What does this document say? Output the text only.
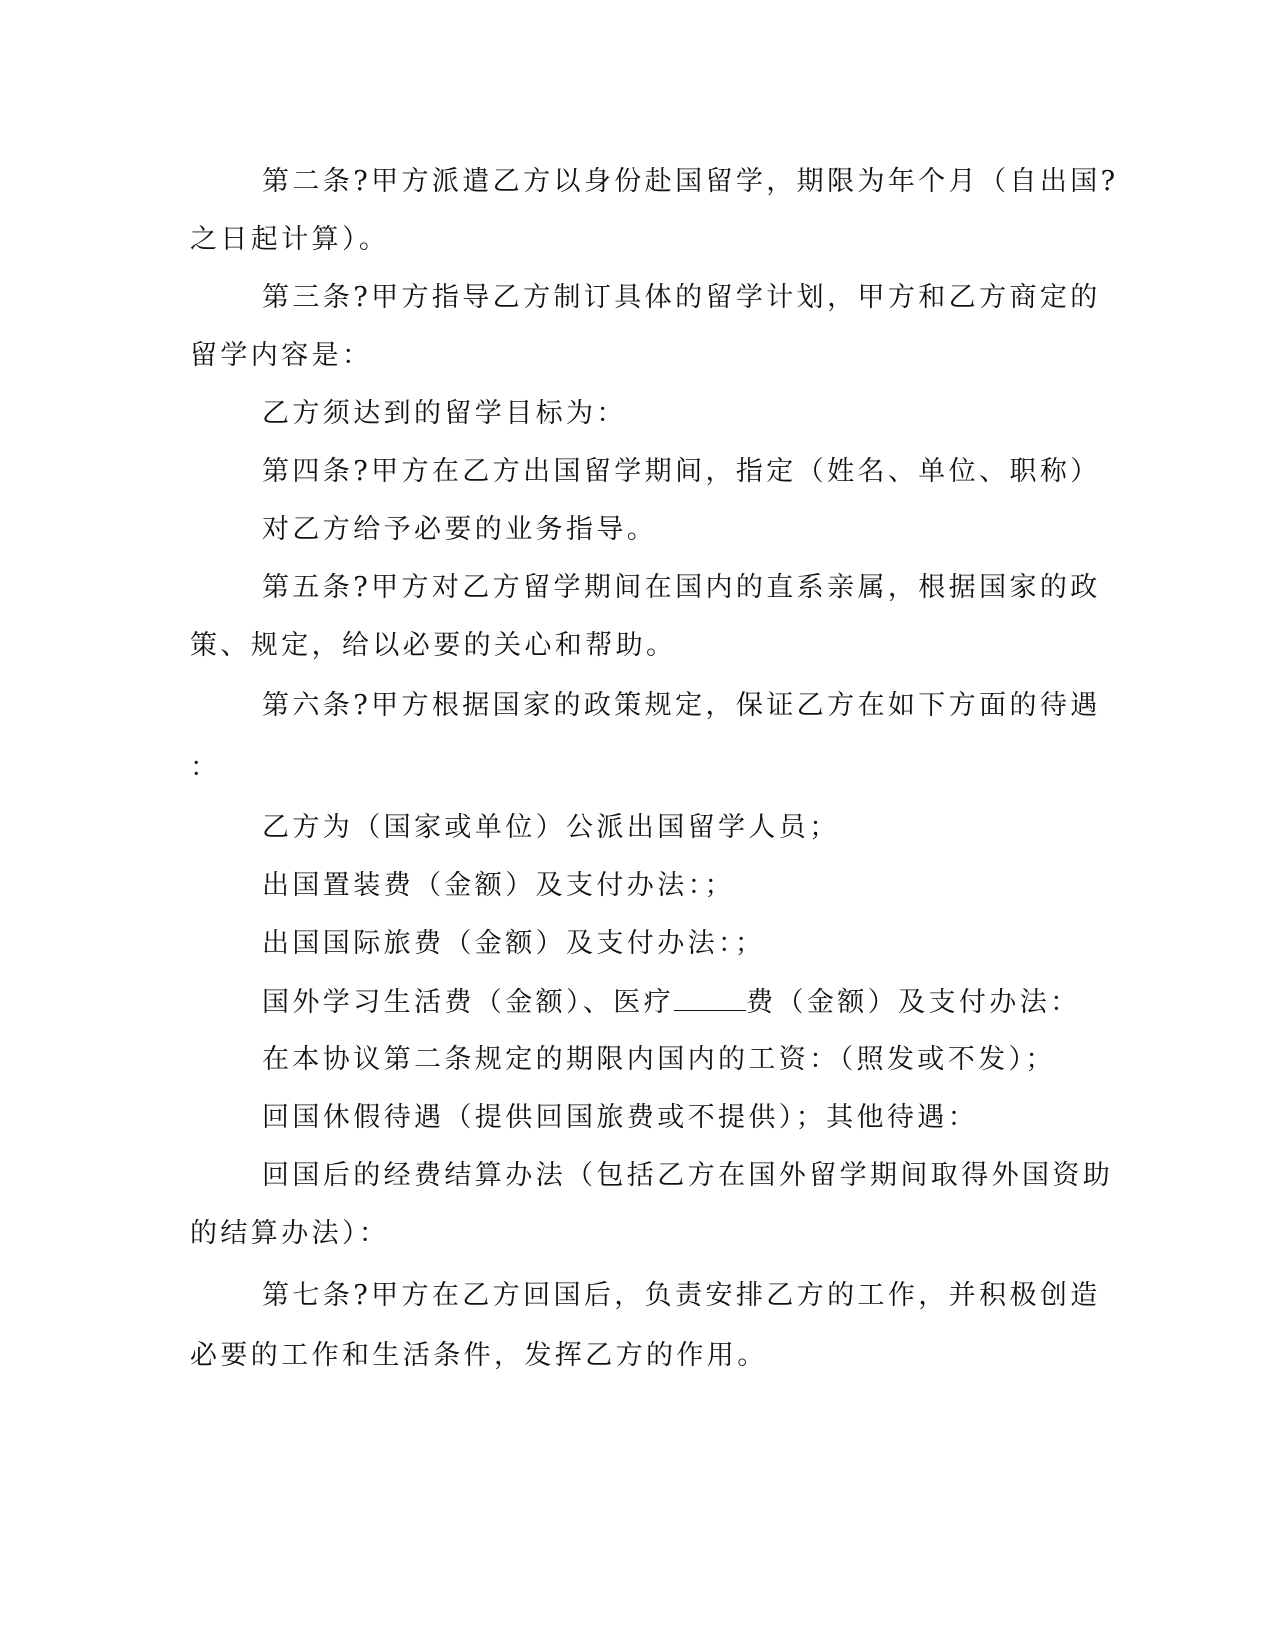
第二条?甲方派遣乙方以身份赴国留学，期限为年个月（自出国?
之日起计算）。
第三条?甲方指导乙方制订具体的留学计划，甲方和乙方商定的
留学内容是：
乙方须达到的留学目标为：
第四条?甲方在乙方出国留学期间，指定（姓名、单位、职称）
对乙方给予必要的业务指导。
第五条?甲方对乙方留学期间在国内的直系亲属，根据国家的政
策、规定，给以必要的关心和帮助。
第六条?甲方根据国家的政策规定，保证乙方在如下方面的待遇
：
乙方为（国家或单位）公派出国留学人员；
出国置装费（金额）及支付办法：；
出国国际旅费（金额）及支付办法：；
国外学习生活费（金额）、医疗	费（金额）及支付办法：
在本协议第二条规定的期限内国内的工资：（照发或不发）；
回国休假待遇（提供回国旅费或不提供）；其他待遇：
回国后的经费结算办法（包括乙方在国外留学期间取得外国资助
的结算办法）：
第七条?甲方在乙方回国后，负责安排乙方的工作，并积极创造
必要的工作和生活条件，发挥乙方的作用。
